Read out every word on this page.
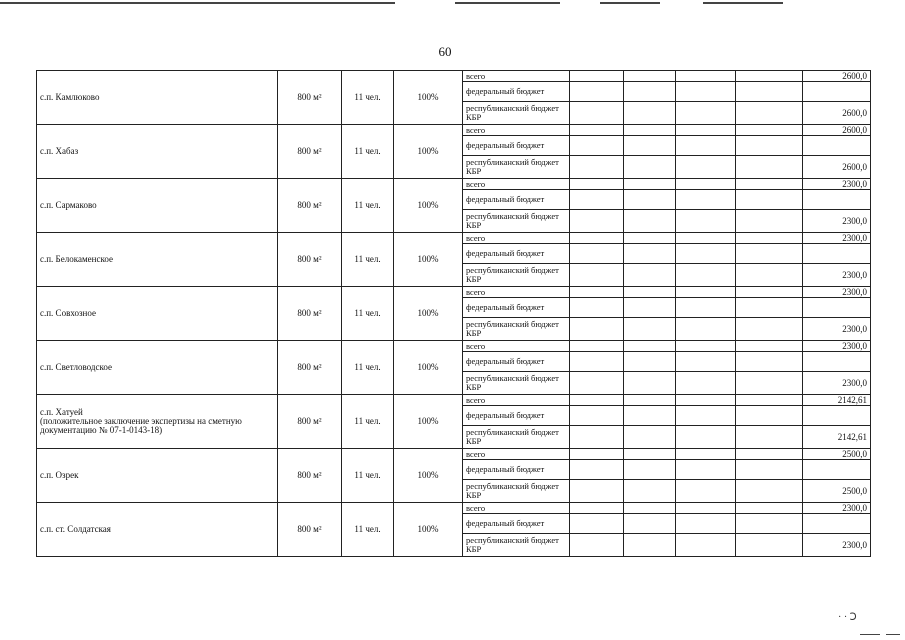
60
с.п. Камлюково	800 м²	11 чел.	100%	всего					2600,0
				федеральный бюджет					
				республиканский бюджет КБР					2600,0
с.п. Хабаз	800 м²	11 чел.	100%	всего					2600,0
				федеральный бюджет					
				республиканский бюджет КБР					2600,0
с.п. Сармаково	800 м²	11 чел.	100%	всего					2300,0
				федеральный бюджет					
				республиканский бюджет КБР					2300,0
с.п. Белокаменское	800 м²	11 чел.	100%	всего					2300,0
				федеральный бюджет					
				республиканский бюджет КБР					2300,0
с.п. Совхозное	800 м²	11 чел.	100%	всего					2300,0
				федеральный бюджет					
				республиканский бюджет КБР					2300,0
с.п. Светловодское	800 м²	11 чел.	100%	всего					2300,0
				федеральный бюджет					
				республиканский бюджет КБР					2300,0
с.п. Хатуей
(положительное заключение экспертизы на сметную документацию № 07-1-0143-18)	800 м²	11 чел.	100%	всего					2142,61
				федеральный бюджет					
				республиканский бюджет КБР					2142,61
с.п. Озрек	800 м²	11 чел.	100%	всего					2500,0
				федеральный бюджет					
				республиканский бюджет КБР					2500,0
с.п. ст. Солдатская	800 м²	11 чел.	100%	всего					2300,0
				федеральный бюджет					
				республиканский бюджет КБР					2300,0
· · ꓛ
